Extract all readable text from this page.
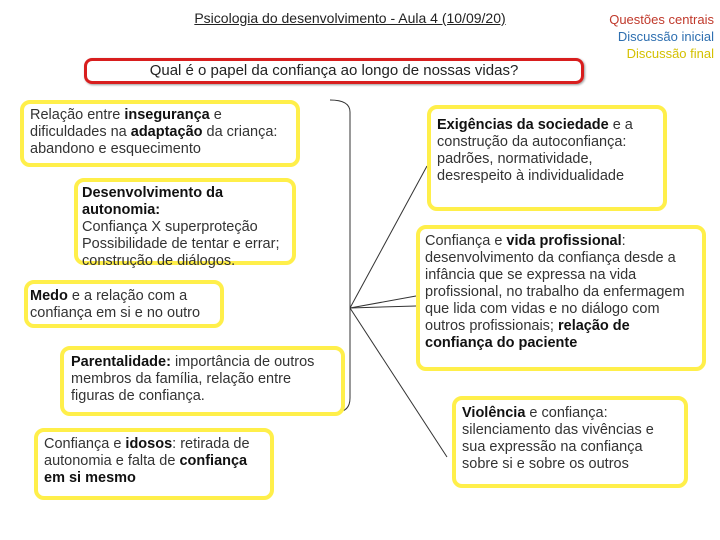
Psicologia do desenvolvimento - Aula 4 (10/09/20)	Questões centrais
Discussão inicial
Discussão final
Qual é o papel da confiança ao longo de nossas vidas?
Relação entre insegurança e dificuldades na adaptação da criança: abandono e esquecimento
Desenvolvimento da autonomia:
Confiança X superproteção Possibilidade de tentar e errar; construção de diálogos.
Medo e a relação com a confiança em si e no outro
Parentalidade: importância de outros membros da família, relação entre figuras de confiança.
Confiança e idosos: retirada de autonomia e falta de confiança em si mesmo
Exigências da sociedade e a construção da autoconfiança: padrões, normatividade, desrespeito à individualidade
Confiança e vida profissional: desenvolvimento da confiança desde a infância que se expressa na vida profissional, no trabalho da enfermagem que lida com vidas e no diálogo com outros profissionais; relação de confiança do paciente
Violência e confiança: silenciamento das vivências e sua expressão na confiança sobre si e sobre os outros
